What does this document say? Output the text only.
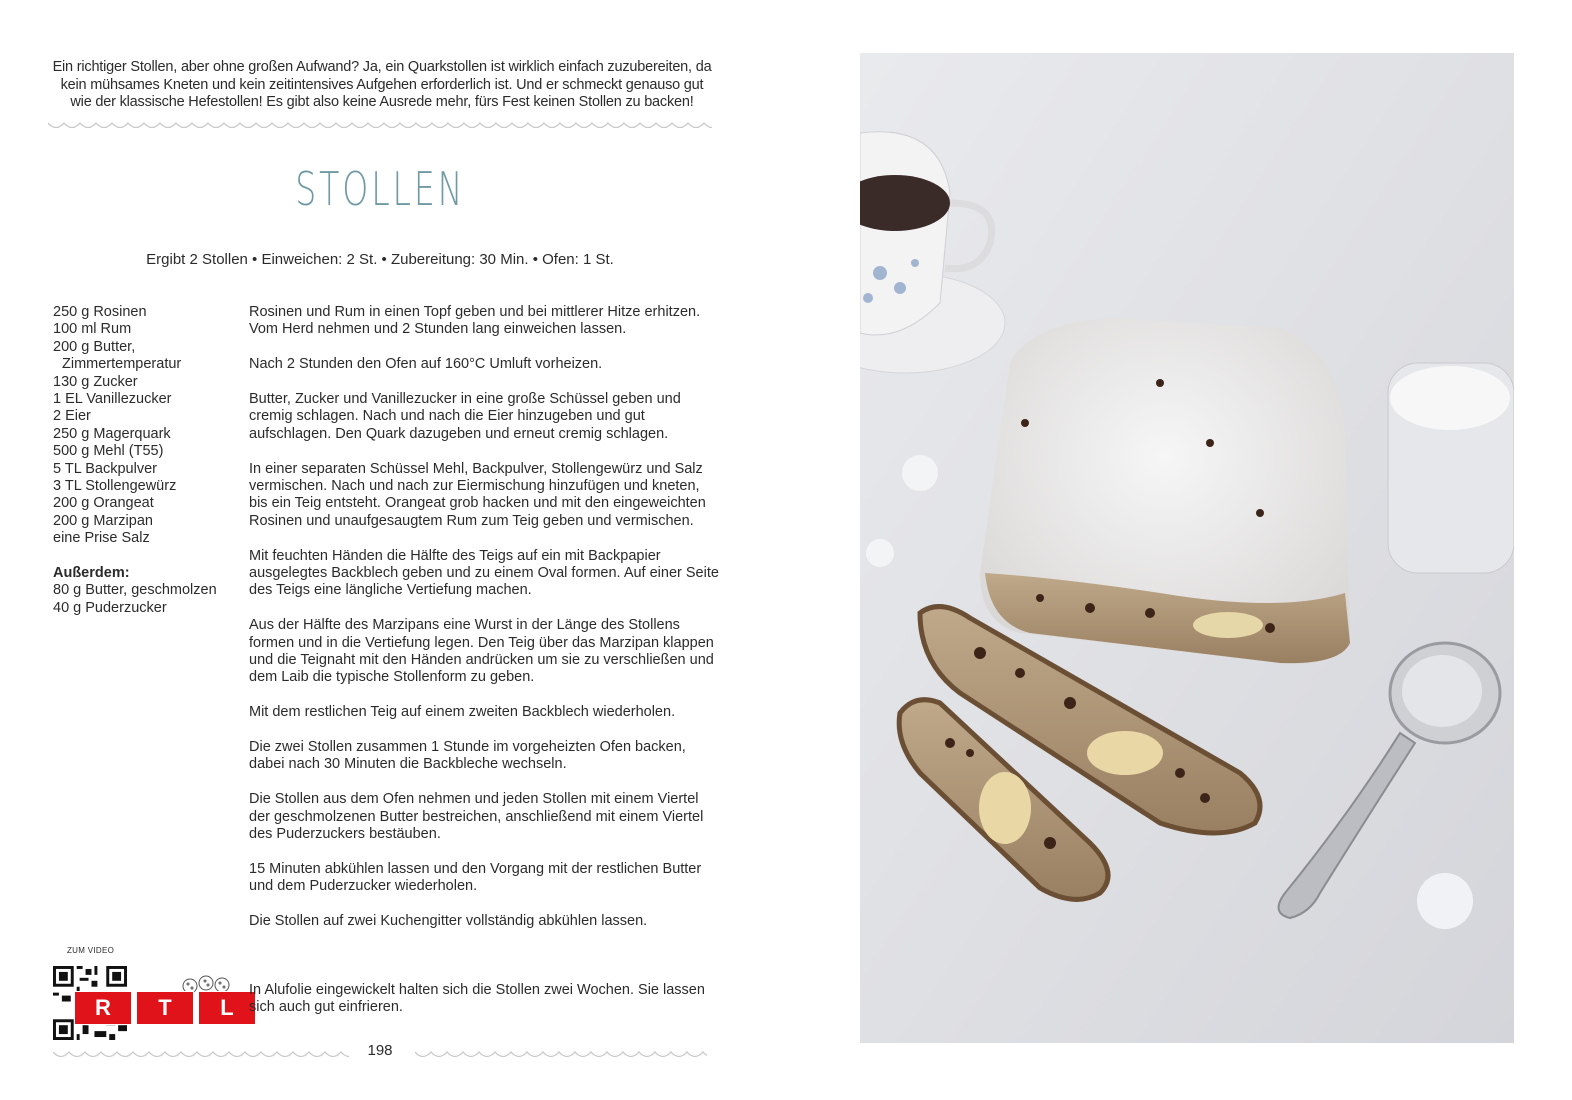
Ein richtiger Stollen, aber ohne großen Aufwand? Ja, ein Quarkstollen ist wirklich einfach zuzubereiten, da kein mühsames Kneten und kein zeitintensives Aufgehen erforderlich ist. Und er schmeckt genauso gut wie der klassische Hefestollen! Es gibt also keine Ausrede mehr, fürs Fest keinen Stollen zu backen!
STOLLEN
Ergibt 2 Stollen • Einweichen: 2 St. • Zubereitung: 30 Min. • Ofen: 1 St.
250 g Rosinen
100 ml Rum
200 g Butter,
Zimmertemperatur
130 g Zucker
1 EL Vanillezucker
2 Eier
250 g Magerquark
500 g Mehl (T55)
5 TL Backpulver
3 TL Stollengewürz
200 g Orangeat
200 g Marzipan
eine Prise Salz
Außerdem:
80 g Butter, geschmolzen
40 g Puderzucker

Rosinen und Rum in einen Topf geben und bei mittlerer Hitze erhitzen. Vom Herd nehmen und 2 Stunden lang einweichen lassen.

Nach 2 Stunden den Ofen auf 160°C Umluft vorheizen.

Butter, Zucker und Vanillezucker in eine große Schüssel geben und cremig schlagen. Nach und nach die Eier hinzugeben und gut aufschlagen. Den Quark dazugeben und erneut cremig schlagen.

In einer separaten Schüssel Mehl, Backpulver, Stollengewürz und Salz vermischen. Nach und nach zur Eiermischung hinzufügen und kneten, bis ein Teig entsteht. Orangeat grob hacken und mit den eingeweichten Rosinen und unaufgesaugtem Rum zum Teig geben und vermischen.

Mit feuchten Händen die Hälfte des Teigs auf ein mit Backpapier ausgelegtes Backblech geben und zu einem Oval formen. Auf einer Seite des Teigs eine längliche Vertiefung machen.

Aus der Hälfte des Marzipans eine Wurst in der Länge des Stollens formen und in die Vertiefung legen. Den Teig über das Marzipan klappen und die Teignaht mit den Händen andrücken um sie zu verschließen und dem Laib die typische Stollenform zu geben.

Mit dem restlichen Teig auf einem zweiten Backblech wiederholen.

Die zwei Stollen zusammen 1 Stunde im vorgeheizten Ofen backen, dabei nach 30 Minuten die Backbleche wechseln.

Die Stollen aus dem Ofen nehmen und jeden Stollen mit einem Viertel der geschmolzenen Butter bestreichen, anschließend mit einem Viertel des Puderzuckers bestäuben.

15 Minuten abkühlen lassen und den Vorgang mit der restlichen Butter und dem Puderzucker wiederholen.

Die Stollen auf zwei Kuchengitter vollständig abkühlen lassen.

ZUM VIDEO
R	T	L
In Alufolie eingewickelt halten sich die Stollen zwei Wochen. Sie lassen sich auch gut einfrieren.
198
